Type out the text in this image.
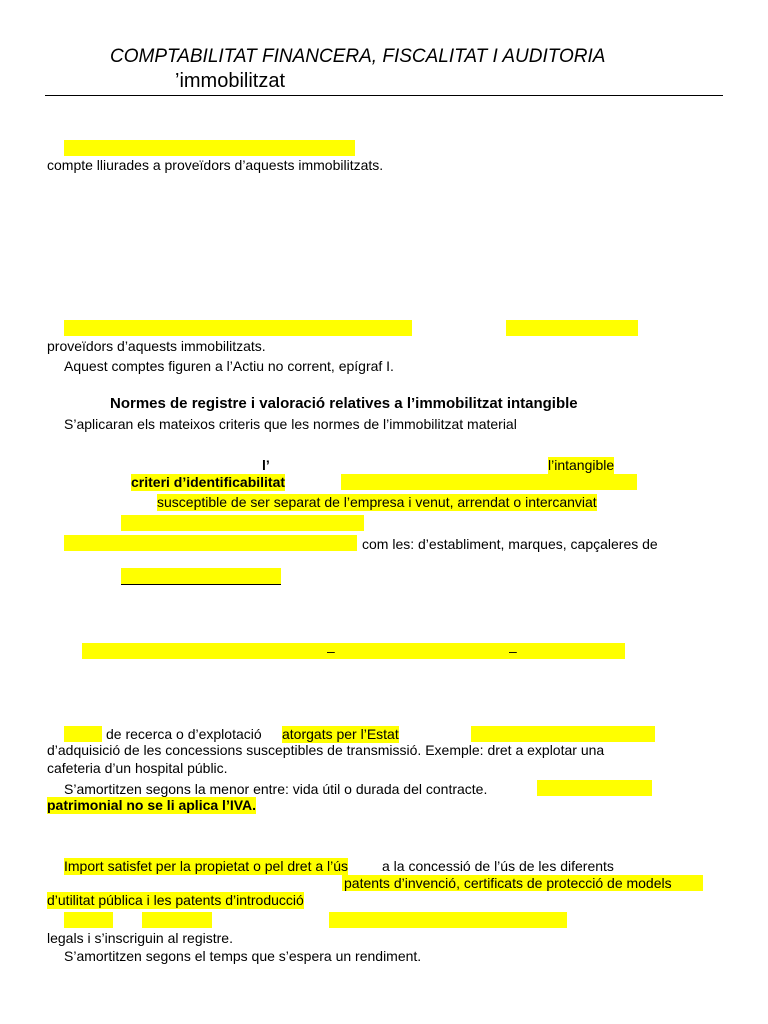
COMPTABILITAT FINANCERA, FISCALITAT I AUDITORIA
’immobilitzat
compte lliurades a proveïdors d’aquests immobilitzats.
proveïdors d’aquests immobilitzats.
Aquest comptes figuren a l’Actiu no corrent, epígraf I.
Normes de registre i valoració relatives a l’immobilitzat intangible
S’aplicaran els mateixos criteris que les normes de l’immobilitzat material
l’	l’intangible
criteri d’identificabilitat
susceptible de ser separat de l’empresa i venut, arrendat o intercanviat
com les: d’establiment, marques, capçaleres de
–	–
de recerca o d’explotació atorgats per l’Estat
d’adquisició de les concessions susceptibles de transmissió. Exemple: dret a explotar una
cafeteria d’un hospital públic.
S’amortitzen segons la menor entre: vida útil o durada del contracte.
patrimonial no se li aplica l’IVA.
Import satisfet per la propietat o pel dret a l’ús a la concessió de l’ús de les diferents
patents d’invenció, certificats de protecció de models
d’utilitat pública i les patents d’introducció
legals i s’inscriguin al registre.
S’amortitzen segons el temps que s’espera un rendiment.
